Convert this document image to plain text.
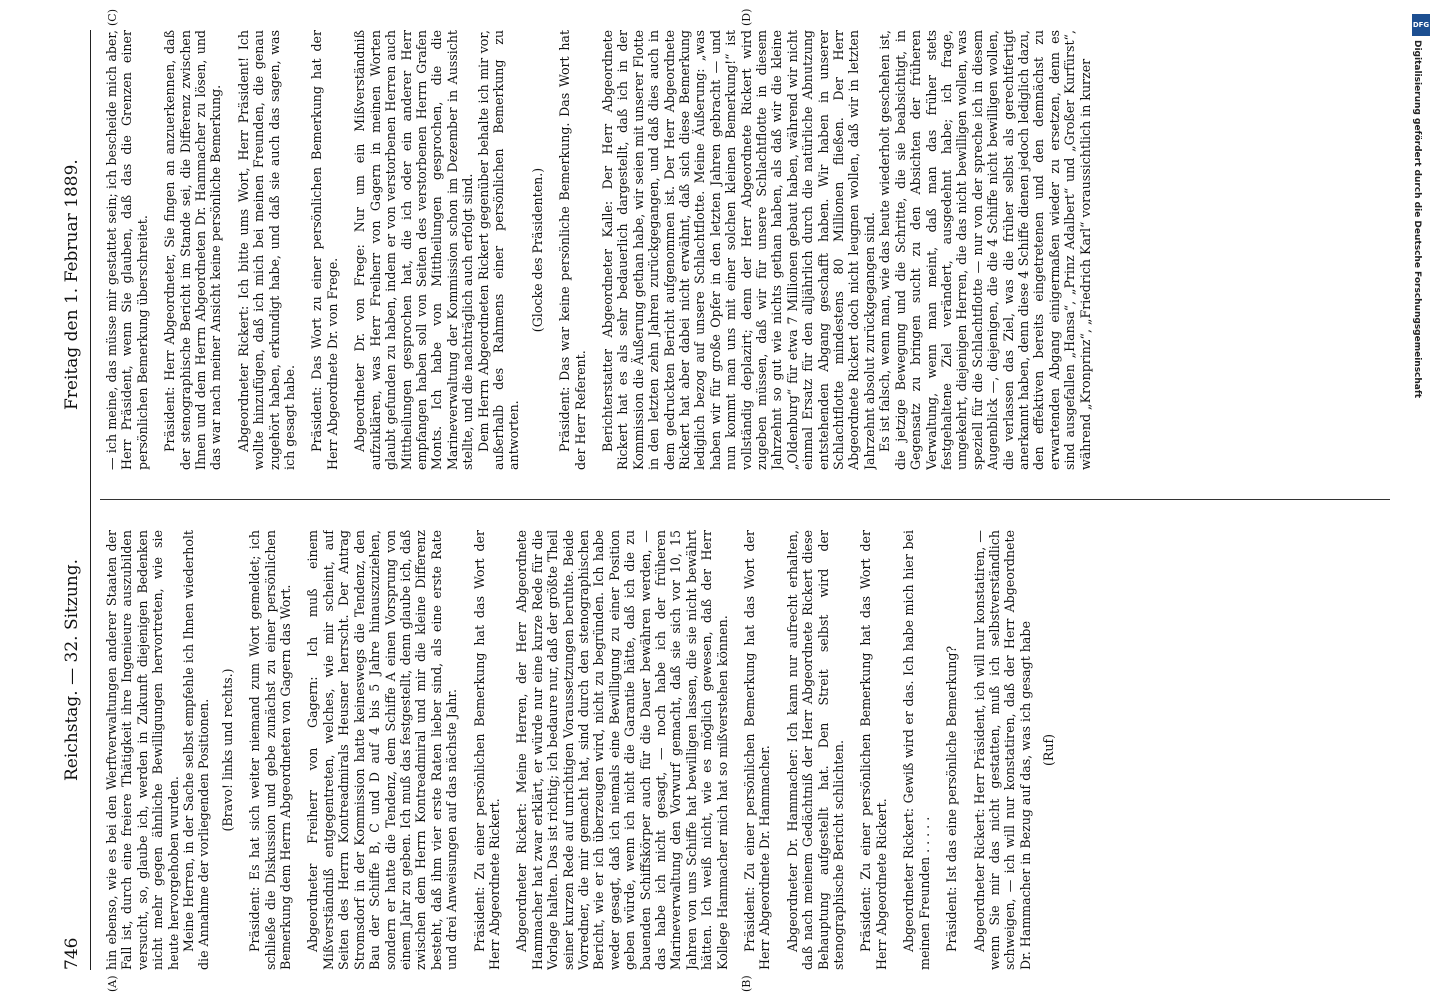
746
Reichstag. — 32. Sitzung.
Freitag den 1. Februar 1889.
(A)	(B)
(C)	(D)

hin ebenso, wie es bei den Werftverwaltungen anderer Staaten der Fall ist, durch eine freiere Thätigkeit ihre Ingenieure auszubilden versucht, so, glaube ich, werden in Zukunft diejenigen Bedenken nicht mehr gegen ähnliche Bewilligungen hervortreten, wie sie heute hervorgehoben wurden. Meine Herren, in der Sache selbst empfehle ich Ihnen wiederholt die Annahme der vorliegenden Positionen. (Bravo! links und rechts.) Präsident: Es hat sich weiter niemand zum Wort gemeldet; ich schließe die Diskussion und gebe zunächst zu einer persönlichen Bemerkung dem Herrn Abgeordneten von Gagern das Wort. Abgeordneter Freiherr von Gagern: Ich muß einem Mißverständniß entgegentreten, welches, wie mir scheint, auf Seiten des Herrn Kontreadmirals Heusner herrscht. Der Antrag Stromsdorf in der Kommission hatte keineswegs die Tendenz, den Bau der Schiffe B, C und D auf 4 bis 5 Jahre hinauszuziehen, sondern er hatte die Tendenz, dem Schiffe A einen Vorsprung von einem Jahr zu geben. Ich muß das festgestellt, denn glaube ich, daß zwischen dem Herrn Kontreadmiral und mir die kleine Differenz besteht, daß ihm vier erste Raten lieber sind, als eine erste Rate und drei Anweisungen auf das nächste Jahr. Präsident: Zu einer persönlichen Bemerkung hat das Wort der Herr Abgeordnete Rickert. Abgeordneter Rickert: Meine Herren, der Herr Abgeordnete Hammacher hat zwar erklärt, er würde nur eine kurze Rede für die Vorlage halten. Das ist richtig; ich bedaure nur, daß der größte Theil seiner kurzen Rede auf unrichtigen Voraussetzungen beruhte. Beide Vorredner, die mir gemacht hat, sind durch den stenographischen Bericht, wie er ich überzeugen wird, nicht zu begründen. Ich habe weder gesagt, daß ich niemals eine Bewilligung zu einer Position geben würde, wenn ich nicht die Garantie hätte, daß ich die zu bauenden Schiffskörper auch für die Dauer bewähren werden, — das habe ich nicht gesagt, — noch habe ich der früheren Marineverwaltung den Vorwurf gemacht, daß sie sich vor 10, 15 Jahren von uns Schiffe hat bewilligen lassen, die sie nicht bewährt hätten. Ich weiß nicht, wie es möglich gewesen, daß der Herr Kollege Hammacher mich hat so mißverstehen können. Präsident: Zu einer persönlichen Bemerkung hat das Wort der Herr Abgeordnete Dr. Hammacher. Abgeordneter Dr. Hammacher: Ich kann nur aufrecht erhalten, daß nach meinem Gedächtniß der Herr Abgeordnete Rickert diese Behauptung aufgestellt hat. Den Streit selbst wird der stenographische Bericht schlichten. Präsident: Zu einer persönlichen Bemerkung hat das Wort der Herr Abgeordnete Rickert. Abgeordneter Rickert: Gewiß wird er das. Ich habe mich hier bei meinen Freunden . . . . . Präsident: Ist das eine persönliche Bemerkung? Abgeordneter Rickert: Herr Präsident, ich will nur konstatiren, — wenn Sie mir das nicht gestatten, muß ich selbstverständlich schweigen, — ich will nur konstatiren, daß der Herr Abgeordnete Dr. Hammacher in Bezug auf das, was ich gesagt habe (Ruf)

— ich meine, das müsse mir gestattet sein; ich bescheide mich aber, Herr Präsident, wenn Sie glauben, daß das die Grenzen einer persönlichen Bemerkung überschreitet. Präsident: Herr Abgeordneter, Sie fingen an anzuerkennen, daß der stenographische Bericht im Stande sei, die Differenz zwischen Ihnen und dem Herrn Abgeordneten Dr. Hammacher zu lösen, und das war nach meiner Ansicht keine persönliche Bemerkung. Abgeordneter Rickert: Ich bitte ums Wort, Herr Präsident! Ich wollte hinzufügen, daß ich mich bei meinen Freunden, die genau zugehört haben, erkundigt habe, und daß sie auch das sagen, was ich gesagt habe. Präsident: Das Wort zu einer persönlichen Bemerkung hat der Herr Abgeordnete Dr. von Frege. Abgeordneter Dr. von Frege: Nur um ein Mißverständniß aufzuklären, was Herr Freiherr von Gagern in meinen Worten glaubt gefunden zu haben, indem er von verstorbenen Herren auch Mittheilungen gesprochen hat, die ich oder ein anderer Herr empfangen haben soll von Seiten des verstorbenen Herrn Grafen Monts. Ich habe von Mittheilungen gesprochen, die die Marineverwaltung der Kommission schon im Dezember in Aussicht stellte, und die nachträglich auch erfolgt sind. Dem Herrn Abgeordneten Rickert gegenüber behalte ich mir vor, außerhalb des Rahmens einer persönlichen Bemerkung zu antworten.

(Glocke des Präsidenten.) Präsident: Das war keine persönliche Bemerkung. Das Wort hat der Herr Referent. Berichterstatter Abgeordneter Kalle: Der Herr Abgeordnete Rickert hat es als sehr bedauerlich dargestellt, daß ich in der Kommission die Äußerung gethan habe, wir seien mit unserer Flotte in den letzten zehn Jahren zurückgegangen, und daß dies auch in dem gedruckten Bericht aufgenommen ist. Der Herr Abgeordnete Rickert hat aber dabei nicht erwähnt, daß sich diese Bemerkung lediglich bezog auf unsere Schlachtflotte. Meine Äußerung: „was haben wir für große Opfer in den letzten Jahren gebracht — und nun kommt man uns mit einer solchen kleinen Bemerkung!“ ist vollständig deplazirt; denn der Herr Abgeordnete Rickert wird zugeben müssen, daß wir für unsere Schlachtflotte in diesem Jahrzehnt so gut wie nichts gethan haben, als daß wir die kleine „Oldenburg“ für etwa 7 Millionen gebaut haben, während wir nicht einmal Ersatz für den alljährlich durch die natürliche Abnutzung entstehenden Abgang geschafft haben. Wir haben in unserer Schlachtflotte mindestens 80 Millionen fließen. Der Herr Abgeordnete Rickert doch nicht leugnen wollen, daß wir in letzten Jahrzehnt absolut zurückgegangen sind. Es ist falsch, wenn man, wie das heute wiederholt geschehen ist, die jetzige Bewegung und die Schritte, die sie beabsichtigt, in Gegensatz zu bringen sucht zu den Absichten der früheren Verwaltung, wenn man meint, daß man das früher stets festgehaltene Ziel verändert, ausgedehnt habe; ich frage, umgekehrt, diejenigen Herren, die das nicht bewilligen wollen, was speziell für die Schlachtflotte — nur von der spreche ich in diesem Augenblick —, diejenigen, die die 4 Schiffe nicht bewilligen wollen, die verlassen das Ziel, was die früher selbst als gerechtfertigt anerkannt haben, denn diese 4 Schiffe dienen jedoch lediglich dazu, den effektiven bereits eingetretenen und den demnächst zu erwartenden Abgang einigermaßen wieder zu ersetzen, denn es sind ausgefallen „Hansa“, „Prinz Adalbert“ und „Großer Kurfürst“, während „Kronprinz“, „Friedrich Karl“ voraussichtlich in kurzer

DFG
Digitalisierung gefördert durch die Deutsche Forschungsgemeinschaft
